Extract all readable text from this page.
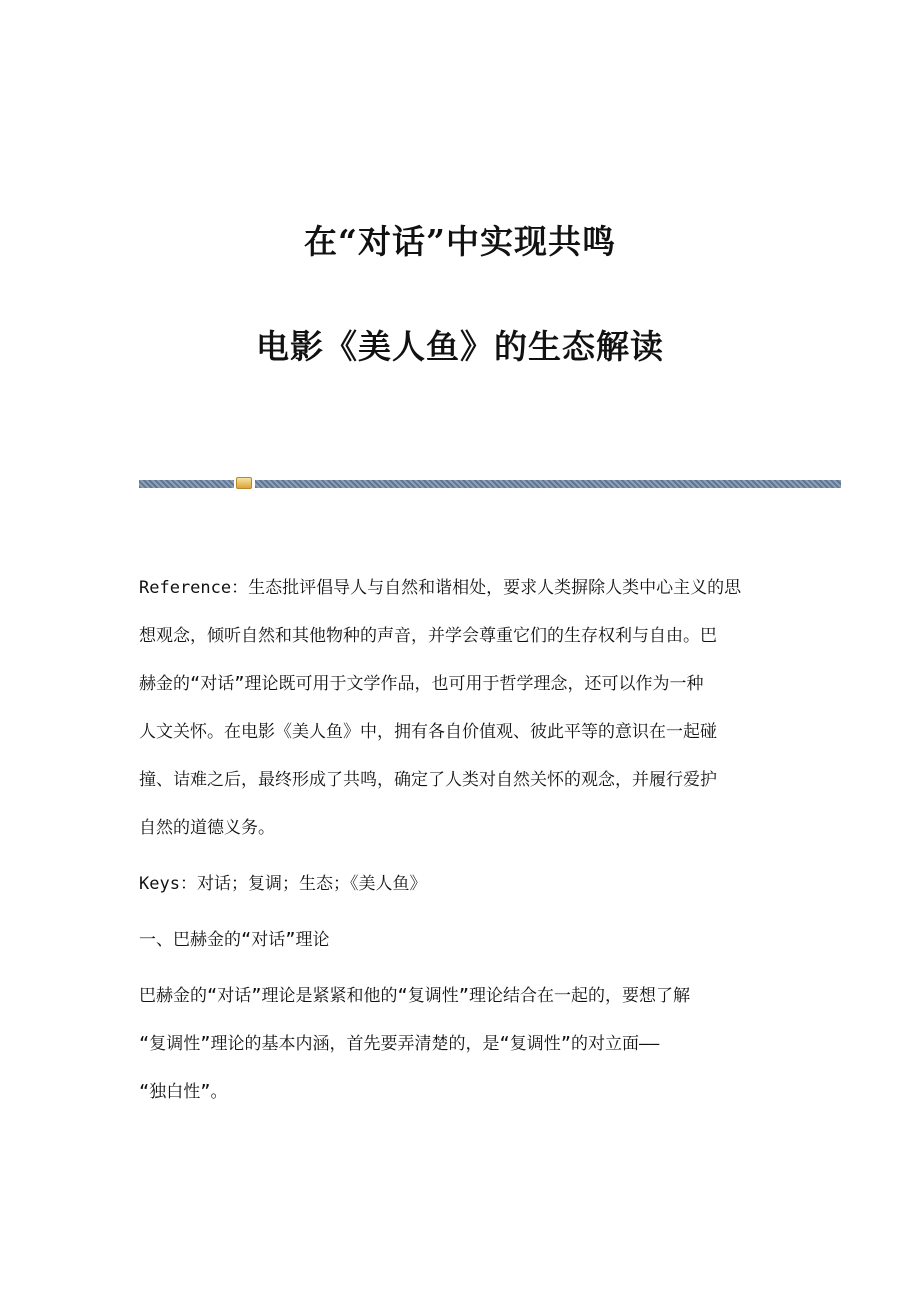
在“对话”中实现共鸣
电影《美人鱼》的生态解读
Reference：生态批评倡导人与自然和谐相处，要求人类摒除人类中心主义的思
想观念，倾听自然和其他物种的声音，并学会尊重它们的生存权利与自由。巴
赫金的“对话”理论既可用于文学作品，也可用于哲学理念，还可以作为一种
人文关怀。在电影《美人鱼》中，拥有各自价值观、彼此平等的意识在一起碰
撞、诘难之后，最终形成了共鸣，确定了人类对自然关怀的观念，并履行爱护
自然的道德义务。
Keys：对话；复调；生态；《美人鱼》
一、巴赫金的“对话”理论
巴赫金的“对话”理论是紧紧和他的“复调性”理论结合在一起的，要想了解
“复调性”理论的基本内涵，首先要弄清楚的，是“复调性”的对立面——
“独白性”。
